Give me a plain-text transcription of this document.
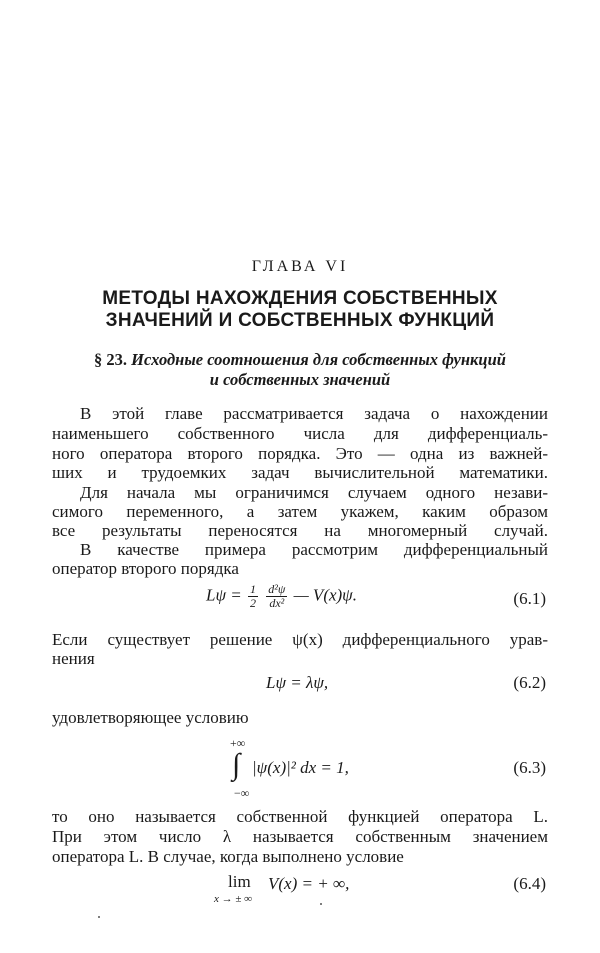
ГЛАВА VI
МЕТОДЫ НАХОЖДЕНИЯ СОБСТВЕННЫХ
ЗНАЧЕНИЙ И СОБСТВЕННЫХ ФУНКЦИЙ
§ 23. Исходные соотношения для собственных функций
и собственных значений
В этой главе рассматривается задача о нахождении
наименьшего собственного числа для дифференциаль-
ного оператора второго порядка. Это — одна из важней-
ших и трудоемких задач вычислительной математики.
Для начала мы ограничимся случаем одного незави-
симого переменного, а затем укажем, каким образом
все результаты переносятся на многомерный случай.
В качестве примера рассмотрим дифференциальный
оператор второго порядка
$L\psi = \frac{1}{2}$
$\frac{\text{d²ψ}}{\text{dx²}}$ — V(x)ψ.	(6.1)
Если существует решение ψ(x) дифференциального урав-
нения
Lψ = λψ,	(6.2)
удовлетворяющее условию
+∞
∫
−∞
|ψ(x)|² dx = 1,	(6.3)
то оно называется собственной функцией оператора L.
При этом число λ называется собственным значением
оператора L. В случае, когда выполнено условие
lim
x → ± ∞
V(x) = + ∞,	(6.4)
